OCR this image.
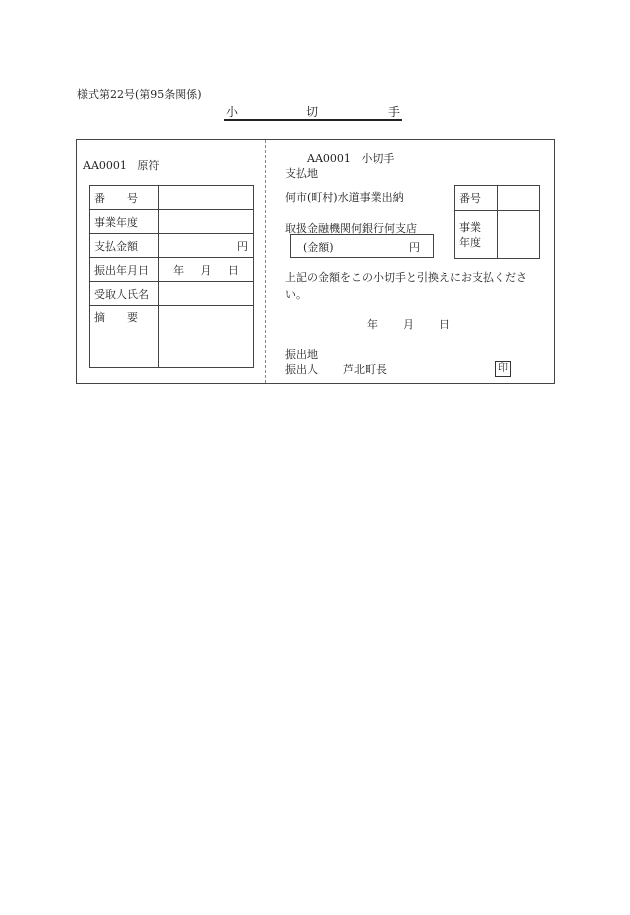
様式第22号(第95条関係)
小	切	手
AA0001 原符
番　　号	
事業年度	
支払金額	円
振出年月日	年 月 日

受取人氏名	
摘　　要	
AA0001 小切手
支払地
何市(町村)水道事業出納
取扱金融機関何銀行何支店
(金額)	円
上記の金額をこの小切手と引換えにお支払くださ
い。
年 月 日
振出地
振出人 芦北町長	印
番号	

事業
年度	
